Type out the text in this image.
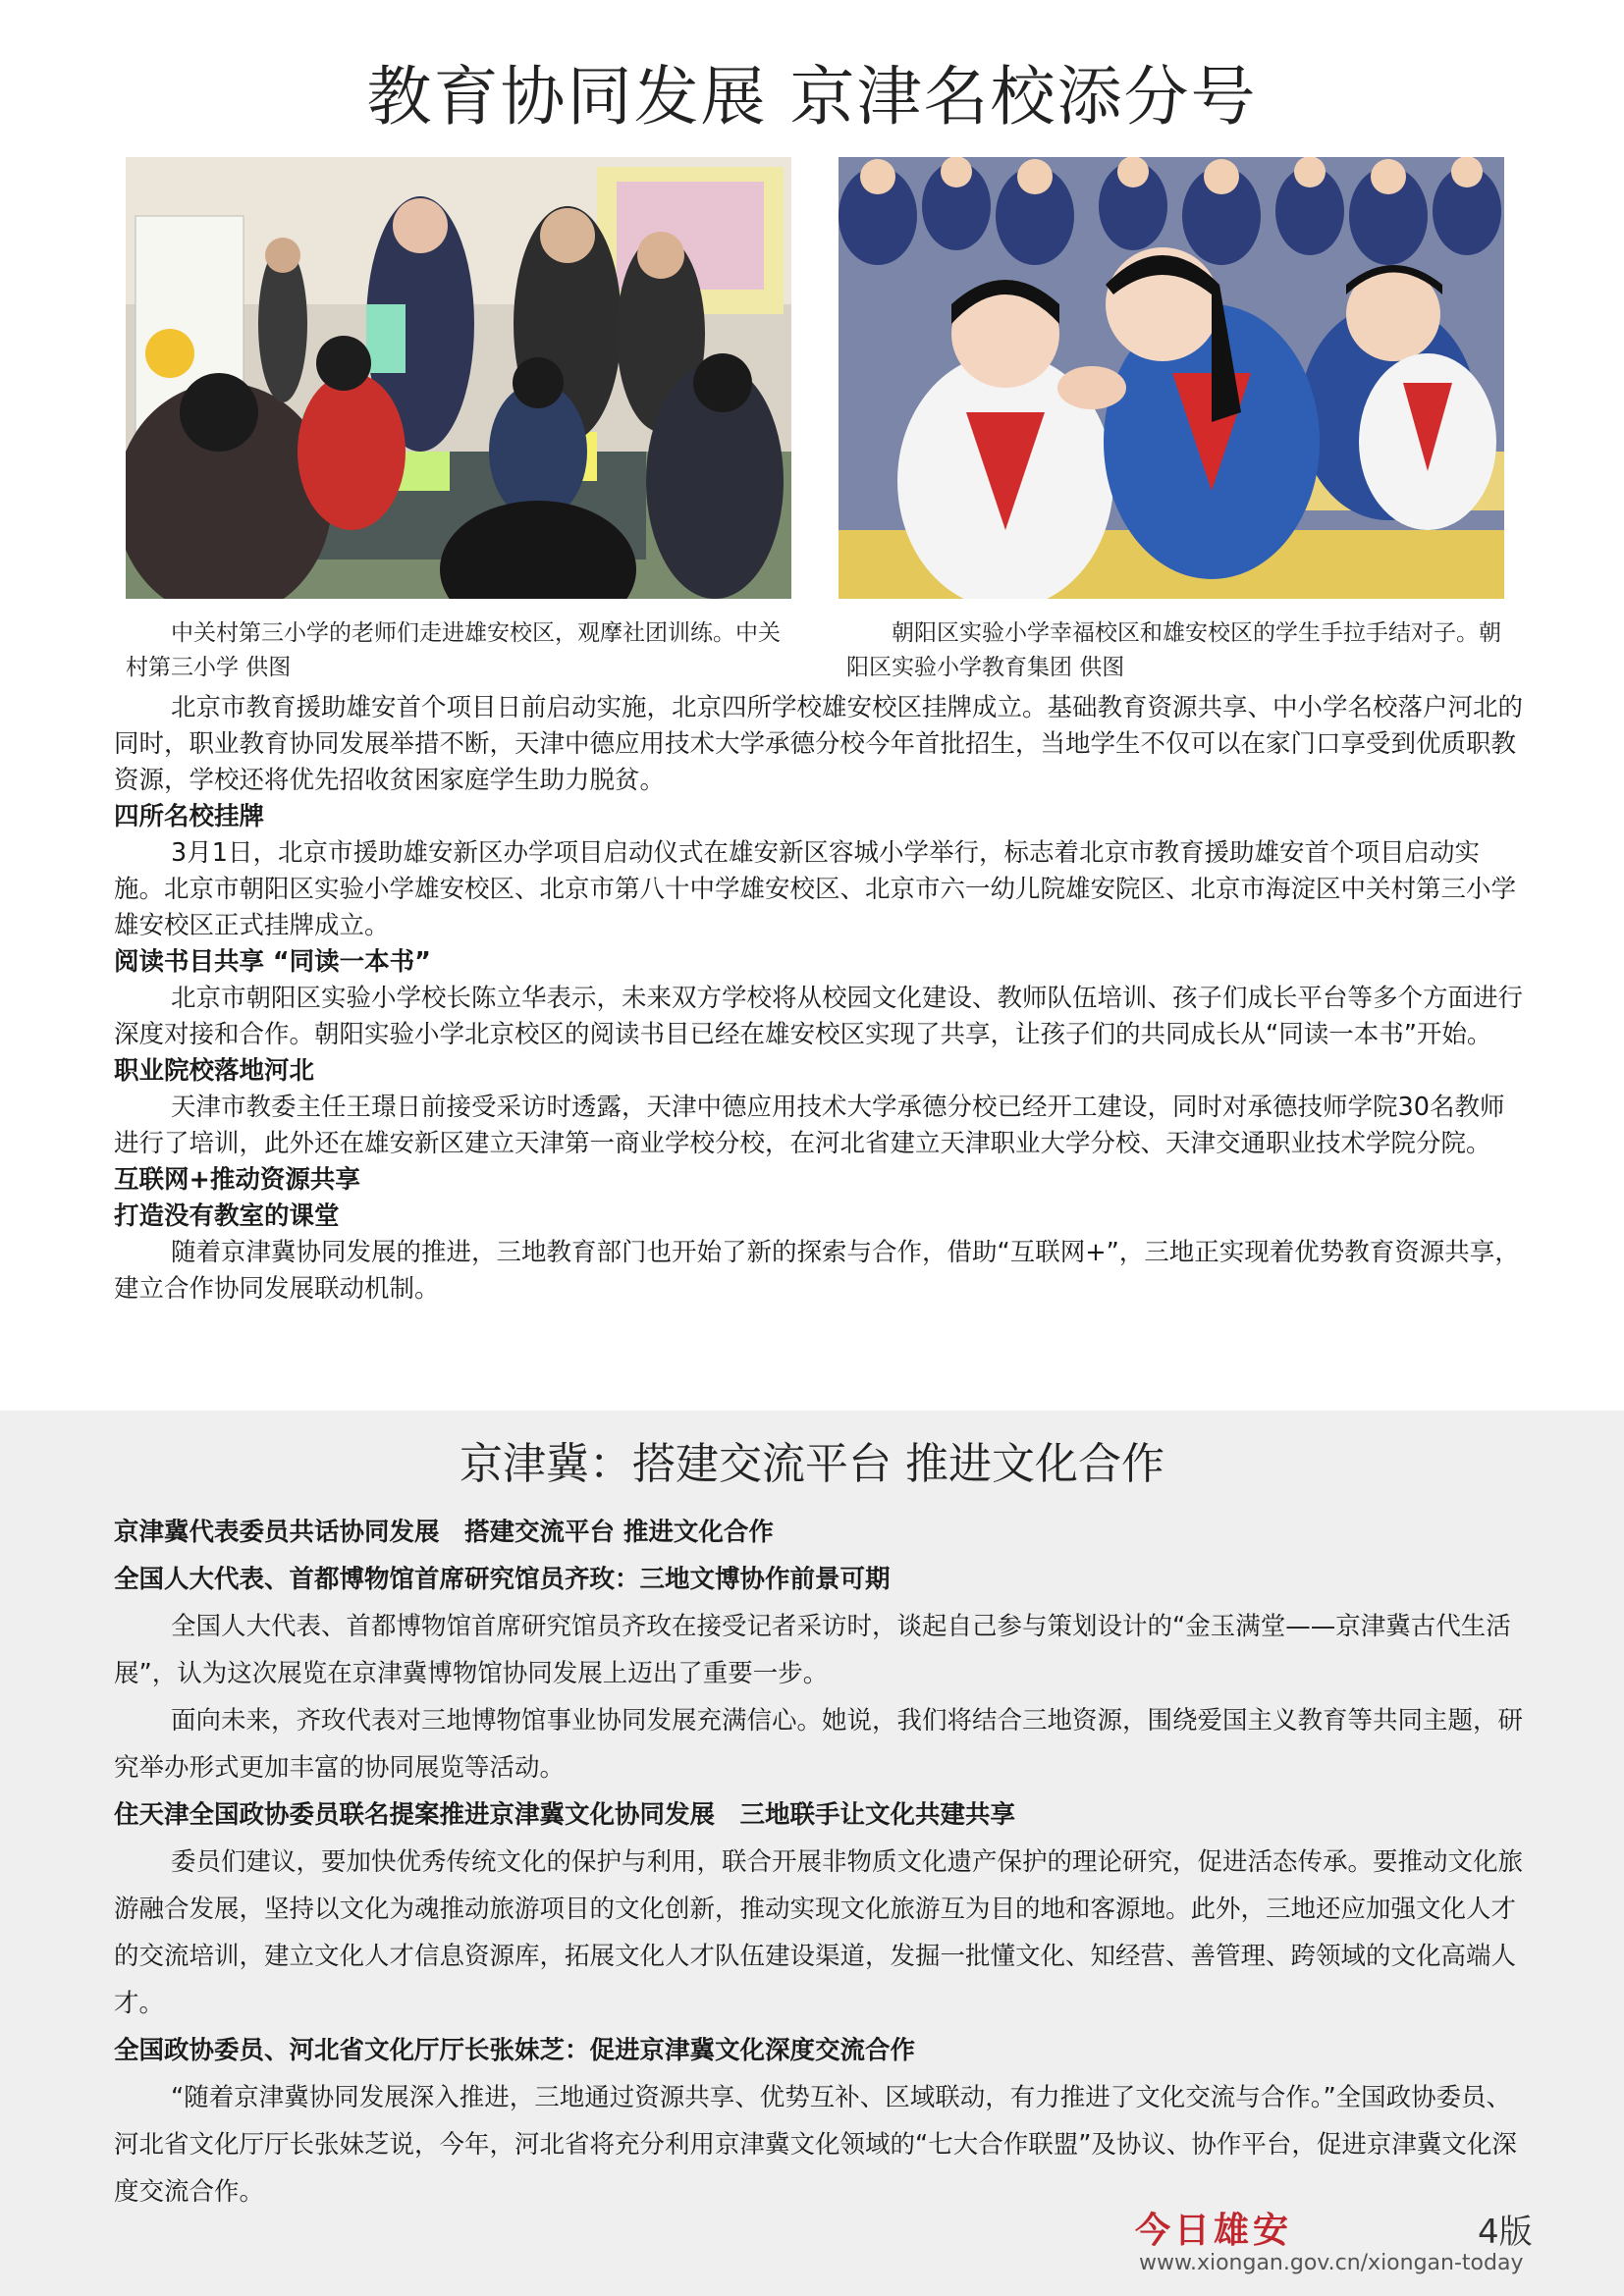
教育协同发展 京津名校添分号
　　中关村第三小学的老师们走进雄安校区，观摩社团训练。中关村第三小学 供图
　　朝阳区实验小学幸福校区和雄安校区的学生手拉手结对子。朝阳区实验小学教育集团 供图

北京市教育援助雄安首个项目日前启动实施，北京四所学校雄安校区挂牌成立。基础教育资源共享、中小学名校落户河北的同时，职业教育协同发展举措不断，天津中德应用技术大学承德分校今年首批招生，当地学生不仅可以在家门口享受到优质职教资源，学校还将优先招收贫困家庭学生助力脱贫。

四所名校挂牌

3月1日，北京市援助雄安新区办学项目启动仪式在雄安新区容城小学举行，标志着北京市教育援助雄安首个项目启动实施。北京市朝阳区实验小学雄安校区、北京市第八十中学雄安校区、北京市六一幼儿院雄安院区、北京市海淀区中关村第三小学雄安校区正式挂牌成立。

阅读书目共享 “同读一本书”

北京市朝阳区实验小学校长陈立华表示，未来双方学校将从校园文化建设、教师队伍培训、孩子们成长平台等多个方面进行深度对接和合作。朝阳实验小学北京校区的阅读书目已经在雄安校区实现了共享，让孩子们的共同成长从“同读一本书”开始。

职业院校落地河北

天津市教委主任王璟日前接受采访时透露，天津中德应用技术大学承德分校已经开工建设，同时对承德技师学院30名教师进行了培训，此外还在雄安新区建立天津第一商业学校分校，在河北省建立天津职业大学分校、天津交通职业技术学院分院。

互联网+推动资源共享
打造没有教室的课堂

随着京津冀协同发展的推进，三地教育部门也开始了新的探索与合作，借助“互联网+”，三地正实现着优势教育资源共享，建立合作协同发展联动机制。

京津冀：搭建交流平台 推进文化合作
京津冀代表委员共话协同发展　搭建交流平台 推进文化合作
全国人大代表、首都博物馆首席研究馆员齐玫：三地文博协作前景可期

全国人大代表、首都博物馆首席研究馆员齐玫在接受记者采访时，谈起自己参与策划设计的“金玉满堂——京津冀古代生活展”，认为这次展览在京津冀博物馆协同发展上迈出了重要一步。

面向未来，齐玫代表对三地博物馆事业协同发展充满信心。她说，我们将结合三地资源，围绕爱国主义教育等共同主题，研究举办形式更加丰富的协同展览等活动。

住天津全国政协委员联名提案推进京津冀文化协同发展　三地联手让文化共建共享

委员们建议，要加快优秀传统文化的保护与利用，联合开展非物质文化遗产保护的理论研究，促进活态传承。要推动文化旅游融合发展，坚持以文化为魂推动旅游项目的文化创新，推动实现文化旅游互为目的地和客源地。此外，三地还应加强文化人才的交流培训，建立文化人才信息资源库，拓展文化人才队伍建设渠道，发掘一批懂文化、知经营、善管理、跨领域的文化高端人才。

全国政协委员、河北省文化厅厅长张妹芝：促进京津冀文化深度交流合作

“随着京津冀协同发展深入推进，三地通过资源共享、优势互补、区域联动，有力推进了文化交流与合作。”全国政协委员、河北省文化厅厅长张妹芝说，今年，河北省将充分利用京津冀文化领域的“七大合作联盟”及协议、协作平台，促进京津冀文化深度交流合作。

今日雄安	4版
www.xiongan.gov.cn/xiongan-today
